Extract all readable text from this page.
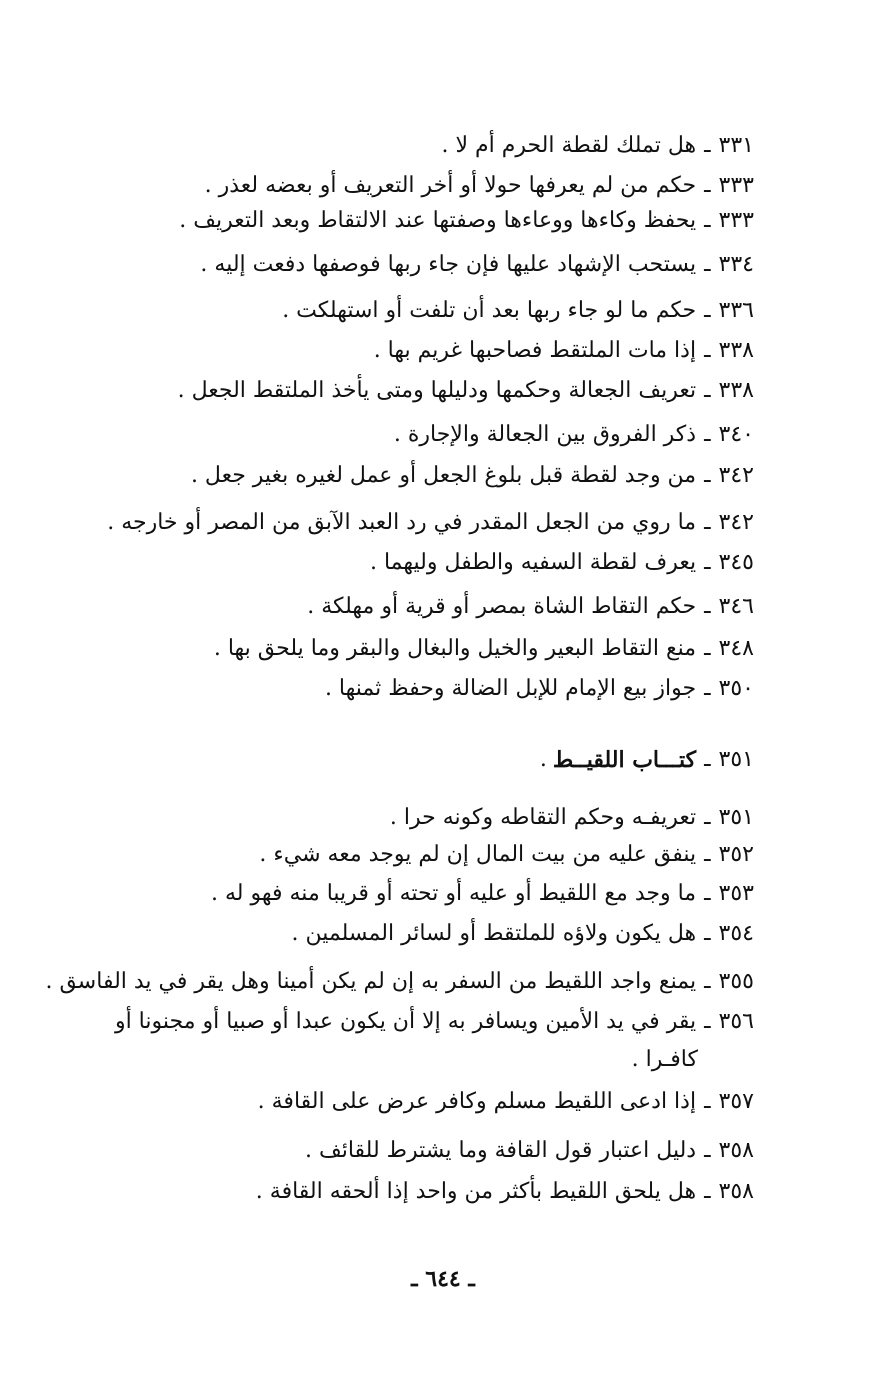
٣٣١
ـ
هل تملك لقطة الحرم أم لا .
٣٣٣
ـ
حكم من لم يعرفها حولا أو أخر التعريف أو بعضه لعذر .
٣٣٣
ـ
يحفظ وكاءها ووعاءها وصفتها عند الالتقاط وبعد التعريف .
٣٣٤
ـ
يستحب الإشهاد عليها فإن جاء ربها فوصفها دفعت إليه .
٣٣٦
ـ
حكم ما لو جاء ربها بعد أن تلفت أو استهلكت .
٣٣٨
ـ
إذا مات الملتقط فصاحبها غريم بها .
٣٣٨
ـ
تعريف الجعالة وحكمها ودليلها ومتى يأخذ الملتقط الجعل .
٣٤٠
ـ
ذكر الفروق بين الجعالة والإجارة .
٣٤٢
ـ
من وجد لقطة قبل بلوغ الجعل أو عمل لغيره بغير جعل .
٣٤٢
ـ
ما روي من الجعل المقدر في رد العبد الآبق من المصر أو خارجه .
٣٤٥
ـ
يعرف لقطة السفيه والطفل وليهما .
٣٤٦
ـ
حكم التقاط الشاة بمصر أو قرية أو مهلكة .
٣٤٨
ـ
منع التقاط البعير والخيل والبغال والبقر وما يلحق بها .
٣٥٠
ـ
جواز بيع الإمام للإبل الضالة وحفظ ثمنها .
٣٥١
ـ
كتـــاب اللقيــط
.
٣٥١
ـ
تعريفـه وحكم التقاطه وكونه حرا .
٣٥٢
ـ
ينفق عليه من بيت المال إن لم يوجد معه شيء .
٣٥٣
ـ
ما وجد مع اللقيط أو عليه أو تحته أو قريبا منه فهو له .
٣٥٤
ـ
هل يكون ولاؤه للملتقط أو لسائر المسلمين .
٣٥٥
ـ
يمنع واجد اللقيط من السفر به إن لم يكن أمينا وهل يقر في يد الفاسق .
٣٥٦
ـ
يقر في يد الأمين ويسافر به إلا أن يكون عبدا أو صبيا أو مجنونا أو
كافـرا .
٣٥٧
ـ
إذا ادعى اللقيط مسلم وكافر عرض على القافة .
٣٥٨
ـ
دليل اعتبار قول القافة وما يشترط للقائف .
٣٥٨
ـ
هل يلحق اللقيط بأكثر من واحد إذا ألحقه القافة .
ـ ٦٤٤ ـ
